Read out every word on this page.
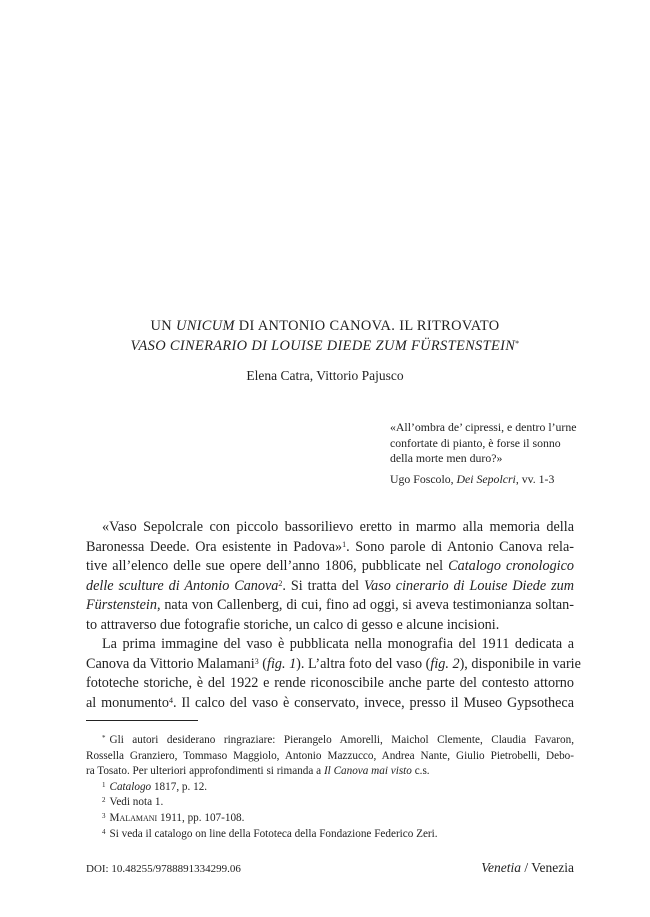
UN UNICUM DI ANTONIO CANOVA. IL RITROVATO
VASO CINERARIO DI LOUISE DIEDE ZUM FÜRSTENSTEIN*
Elena Catra, Vittorio Pajusco
«All’ombra de’ cipressi, e dentro l’urne
confortate di pianto, è forse il sonno
della morte men duro?»
Ugo Foscolo, Dei Sepolcri, vv. 1-3
«Vaso Sepolcrale con piccolo bassorilievo eretto in marmo alla memoria della
Baronessa Deede. Ora esistente in Padova»$^1$. Sono parole di Antonio Canova rela-
tive all’elenco delle sue opere dell’anno 1806, pubblicate nel Catalogo cronologico
delle sculture di Antonio Canova$^2$. Si tratta del Vaso cinerario di Louise Diede zum
Fürstenstein, nata von Callenberg, di cui, fino ad oggi, si aveva testimonianza soltan-
to attraverso due fotografie storiche, un calco di gesso e alcune incisioni.
La prima immagine del vaso è pubblicata nella monografia del 1911 dedicata a
Canova da Vittorio Malamani$^3$ (fig. 1). L’altra foto del vaso (fig. 2), disponibile in varie
fototeche storiche, è del 1922 e rende riconoscibile anche parte del contesto attorno
al monumento$^4$. Il calco del vaso è conservato, invece, presso il Museo Gypsotheca
* Gli autori desiderano ringraziare: Pierangelo Amorelli, Maichol Clemente, Claudia Favaron,
Rossella Granziero, Tommaso Maggiolo, Antonio Mazzucco, Andrea Nante, Giulio Pietrobelli, Debo-
ra Tosato. Per ulteriori approfondimenti si rimanda a Il Canova mai visto c.s.
$^1$ Catalogo 1817, p. 12.
$^2$ Vedi nota 1.
$^3$ Malamani 1911, pp. 107-108.
$^4$ Si veda il catalogo on line della Fototeca della Fondazione Federico Zeri.
DOI: 10.48255/9788891334299.06	Venetia / Venezia
